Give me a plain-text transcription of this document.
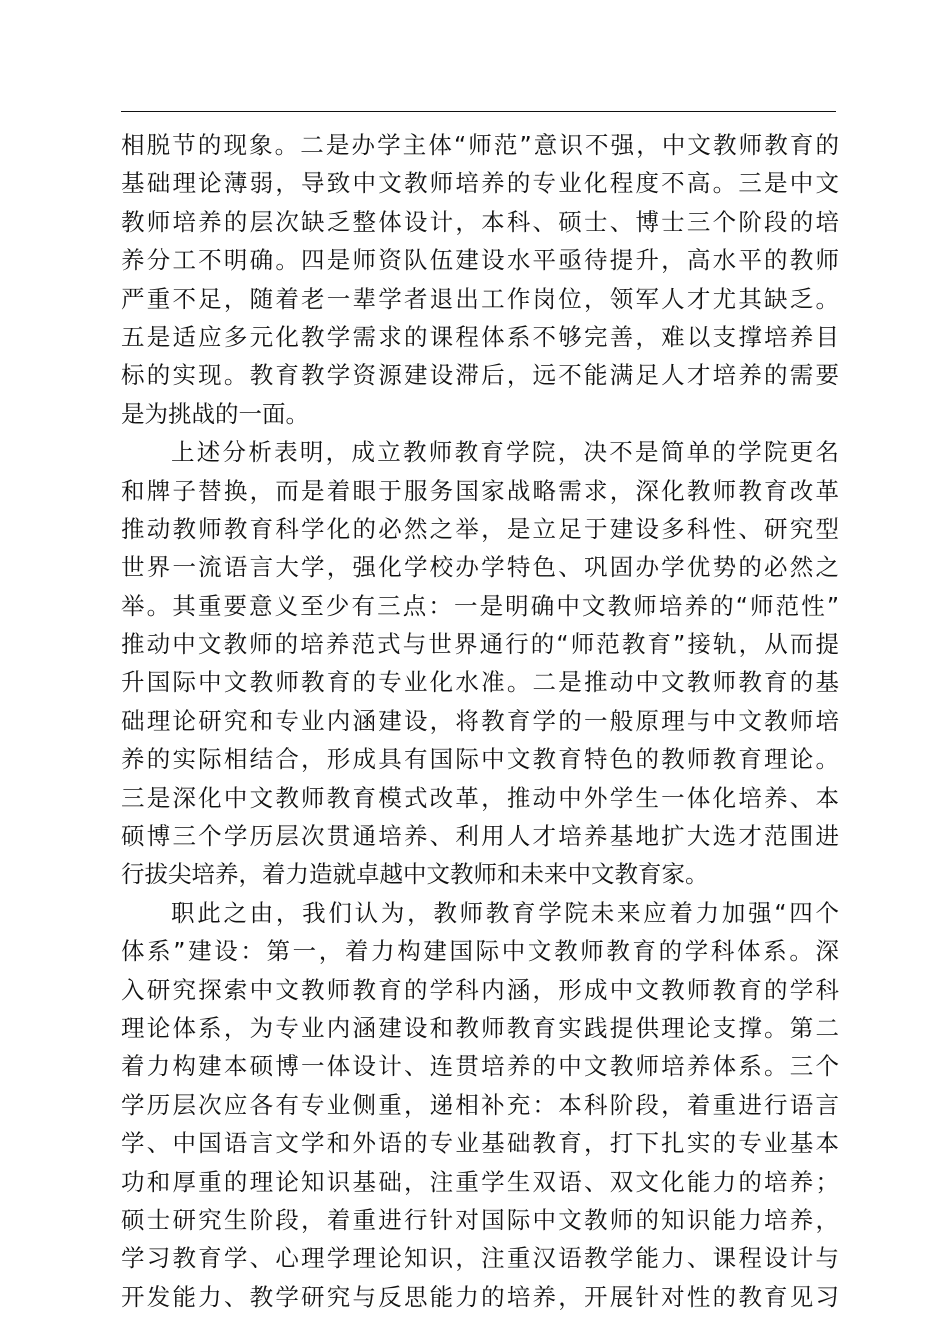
相脱节的现象。二是办学主体“师范”意识不强，中文教师教育的
基础理论薄弱，导致中文教师培养的专业化程度不高。三是中文
教师培养的层次缺乏整体设计，本科、硕士、博士三个阶段的培
养分工不明确。四是师资队伍建设水平亟待提升，高水平的教师
严重不足，随着老一辈学者退出工作岗位，领军人才尤其缺乏。
五是适应多元化教学需求的课程体系不够完善，难以支撑培养目
标的实现。教育教学资源建设滞后，远不能满足人才培养的需要
是为挑战的一面。
上述分析表明，成立教师教育学院，决不是简单的学院更名
和牌子替换，而是着眼于服务国家战略需求，深化教师教育改革
推动教师教育科学化的必然之举，是立足于建设多科性、研究型
世界一流语言大学，强化学校办学特色、巩固办学优势的必然之
举。其重要意义至少有三点：一是明确中文教师培养的“师范性”
推动中文教师的培养范式与世界通行的“师范教育”接轨，从而提
升国际中文教师教育的专业化水准。二是推动中文教师教育的基
础理论研究和专业内涵建设，将教育学的一般原理与中文教师培
养的实际相结合，形成具有国际中文教育特色的教师教育理论。
三是深化中文教师教育模式改革，推动中外学生一体化培养、本
硕博三个学历层次贯通培养、利用人才培养基地扩大选才范围进
行拔尖培养，着力造就卓越中文教师和未来中文教育家。
职此之由，我们认为，教师教育学院未来应着力加强“四个
体系”建设：第一，着力构建国际中文教师教育的学科体系。深
入研究探索中文教师教育的学科内涵，形成中文教师教育的学科
理论体系，为专业内涵建设和教师教育实践提供理论支撑。第二
着力构建本硕博一体设计、连贯培养的中文教师培养体系。三个
学历层次应各有专业侧重，递相补充：本科阶段，着重进行语言
学、中国语言文学和外语的专业基础教育，打下扎实的专业基本
功和厚重的理论知识基础，注重学生双语、双文化能力的培养；
硕士研究生阶段，着重进行针对国际中文教师的知识能力培养，
学习教育学、心理学理论知识，注重汉语教学能力、课程设计与
开发能力、教学研究与反思能力的培养，开展针对性的教育见习
